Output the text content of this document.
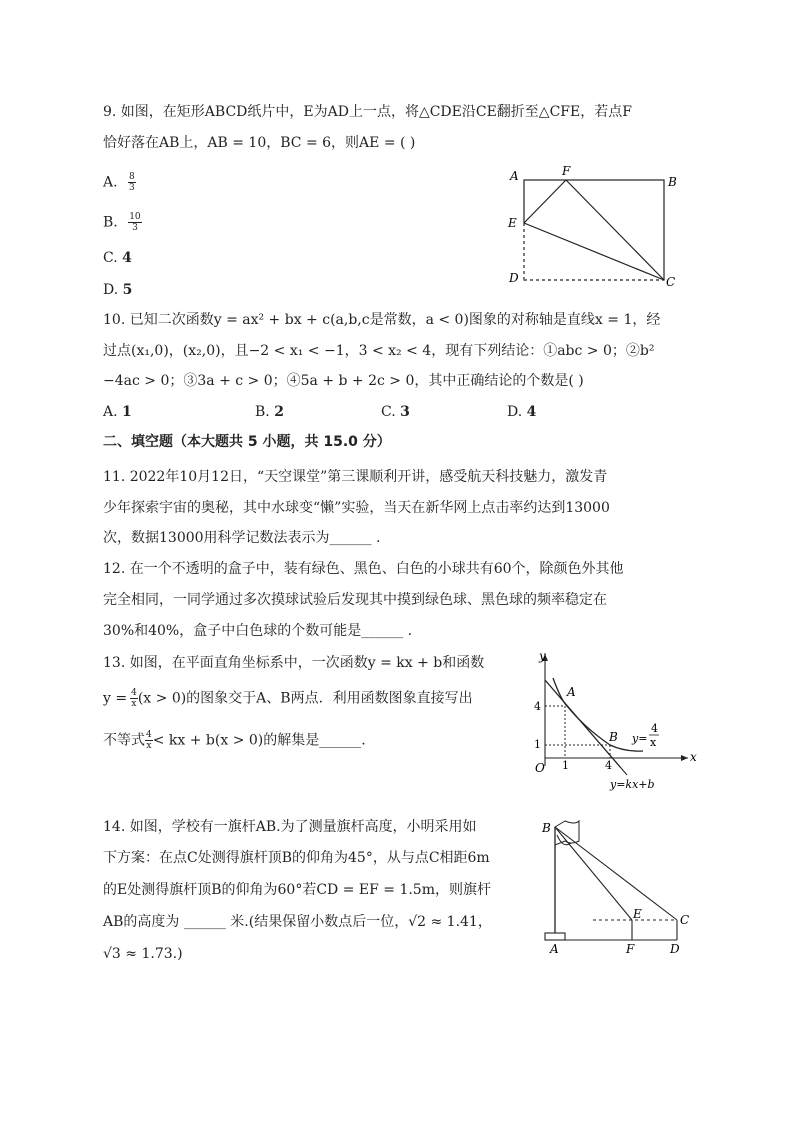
9. 如图，在矩形ABCD纸片中，E为AD上一点，将△CDE沿CE翻折至△CFE，若点F
恰好落在AB上，AB = 10，BC = 6，则AE = ( )
A. $\frac{8}{3}$
B. $\frac{10}{3}$
C. 4
D. 5
A	F
B
E
D	C
10. 已知二次函数y = ax² + bx + c(a,b,c是常数，a < 0)图象的对称轴是直线x = 1，经
过点(x₁,0)，(x₂,0)，且−2 < x₁ < −1，3 < x₂ < 4，现有下列结论：①abc > 0；②b²
−4ac > 0；③3a + c > 0；④5a + b + 2c > 0，其中正确结论的个数是( )
A. 1	B. 2	C. 3	D. 4
二、填空题（本大题共 5 小题，共 15.0 分）
11. 2022年10月12日，“天空课堂”第三课顺利开讲，感受航天科技魅力，激发青
少年探索宇宙的奥秘，其中水球变“懒”实验，当天在新华网上点击率约达到13000
次，数据13000用科学记数法表示为______ .
12. 在一个不透明的盒子中，装有绿色、黑色、白色的小球共有60个，除颜色外其他
完全相同，一同学通过多次摸球试验后发现其中摸到绿色球、黑色球的频率稳定在
30%和40%，盒子中白色球的个数可能是______ .
13. 如图，在平面直角坐标系中，一次函数y = kx + b和函数
$y = \frac{4}{x} (x > 0)$的图象交于A、B两点．利用函数图象直接写出
不等式 $\frac{4}{x}$ < kx + b(x > 0)的解集是______.
y
x
O
4
1
1	4
A
B y=
4
x
y=kx+b
14. 如图，学校有一旗杆AB.为了测量旗杆高度，小明采用如
下方案：在点C处测得旗杆顶B的仰角为45°，从与点C相距6m
的E处测得旗杆顶B的仰角为60°若CD = EF = 1.5m，则旗杆
AB的高度为 ______ 米.(结果保留小数点后一位，√2 ≈ 1.41，
√3 ≈ 1.73.)
B
A
E
F
C
D
